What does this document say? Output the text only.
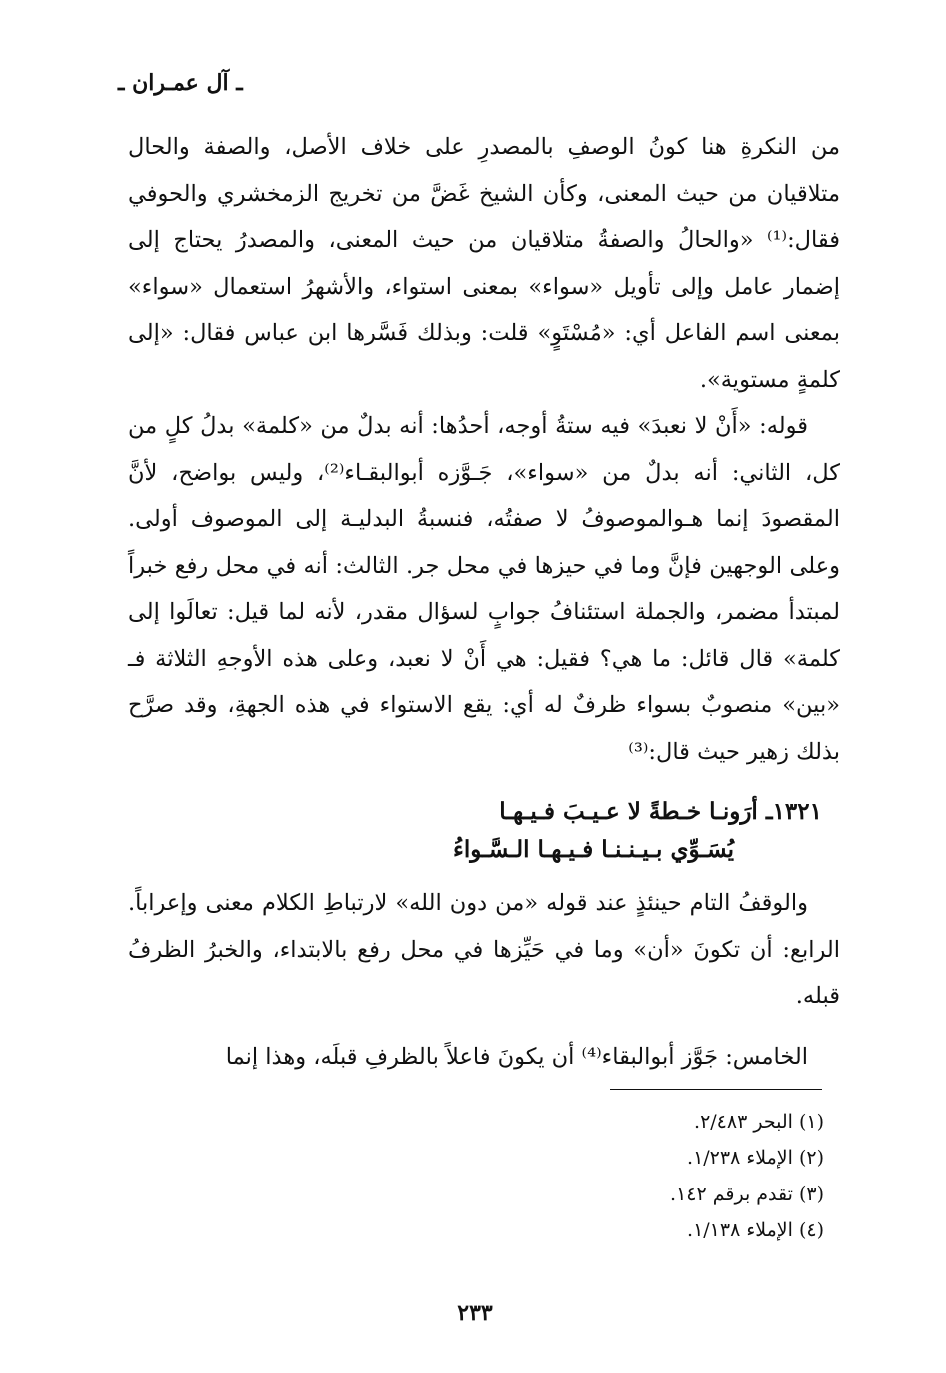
ـ آل عمـران ـ

من النكرةِ هنا كونُ الوصفِ بالمصدرِ على خلاف الأصل، والصفة والحال متلاقيان من حيث المعنى، وكأن الشيخ غَضَّ من تخريج الزمخشري والحوفي فقال:⁽¹⁾ «والحالُ والصفةُ متلاقيان من حيث المعنى، والمصدرُ يحتاج إلى إضمار عامل وإلى تأويل «سواء» بمعنى استواء، والأشهرُ استعمال «سواء» بمعنى اسم الفاعل أي: «مُسْتَوٍ» قلت: وبذلك فَسَّرها ابن عباس فقال: «إلى كلمةٍ مستوية».

قوله: «أَنْ لا نعبدَ» فيه ستةُ أوجه، أحدُها: أنه بدلٌ من «كلمة» بدلُ كلٍ من كل، الثاني: أنه بدلٌ من «سواء»، جَـوَّزه أبوالبقـاء⁽²⁾، وليس بواضح، لأنَّ المقصودَ إنما هـوالموصوفُ لا صفتُه، فنسبةُ البدليـة إلى الموصوف أولى. وعلى الوجهين فإنَّ وما في حيزها في محل جر. الثالث: أنه في محل رفع خبراً لمبتدأ مضمر، والجملة استئنافُ جوابٍ لسؤال مقدر، لأنه لما قيل: تعالَوا إلى كلمة» قال قائل: ما هي؟ فقيل: هي أَنْ لا نعبد، وعلى هذه الأوجهِ الثلاثة فـ «بين» منصوبٌ بسواء ظرفٌ له أي: يقع الاستواء في هذه الجهةِ، وقد صرَّح بذلك زهير حيث قال:⁽³⁾

١٣٢١ـ أرَونـا خـطةً لا عـيـبَ فـيـهـا
يُسَـوِّي بـيـنـنـا فـيـهـا الـسَّـواءُ

والوقفُ التام حينئذٍ عند قوله «من دون الله» لارتباطِ الكلام معنى وإعراباً. الرابع: أن تكونَ «أن» وما في حَيِّزها في محل رفع بالابتداء، والخبرُ الظرفُ قبله.

الخامس: جَوَّز أبوالبقاء⁽⁴⁾ أن يكونَ فاعلاً بالظرفِ قبلَه، وهذا إنما

(١) البحر ٢/٤٨٣.
(٢) الإملاء ١/٢٣٨.
(٣) تقدم برقم ١٤٢.
(٤) الإملاء ١/١٣٨.
٢٣٣
